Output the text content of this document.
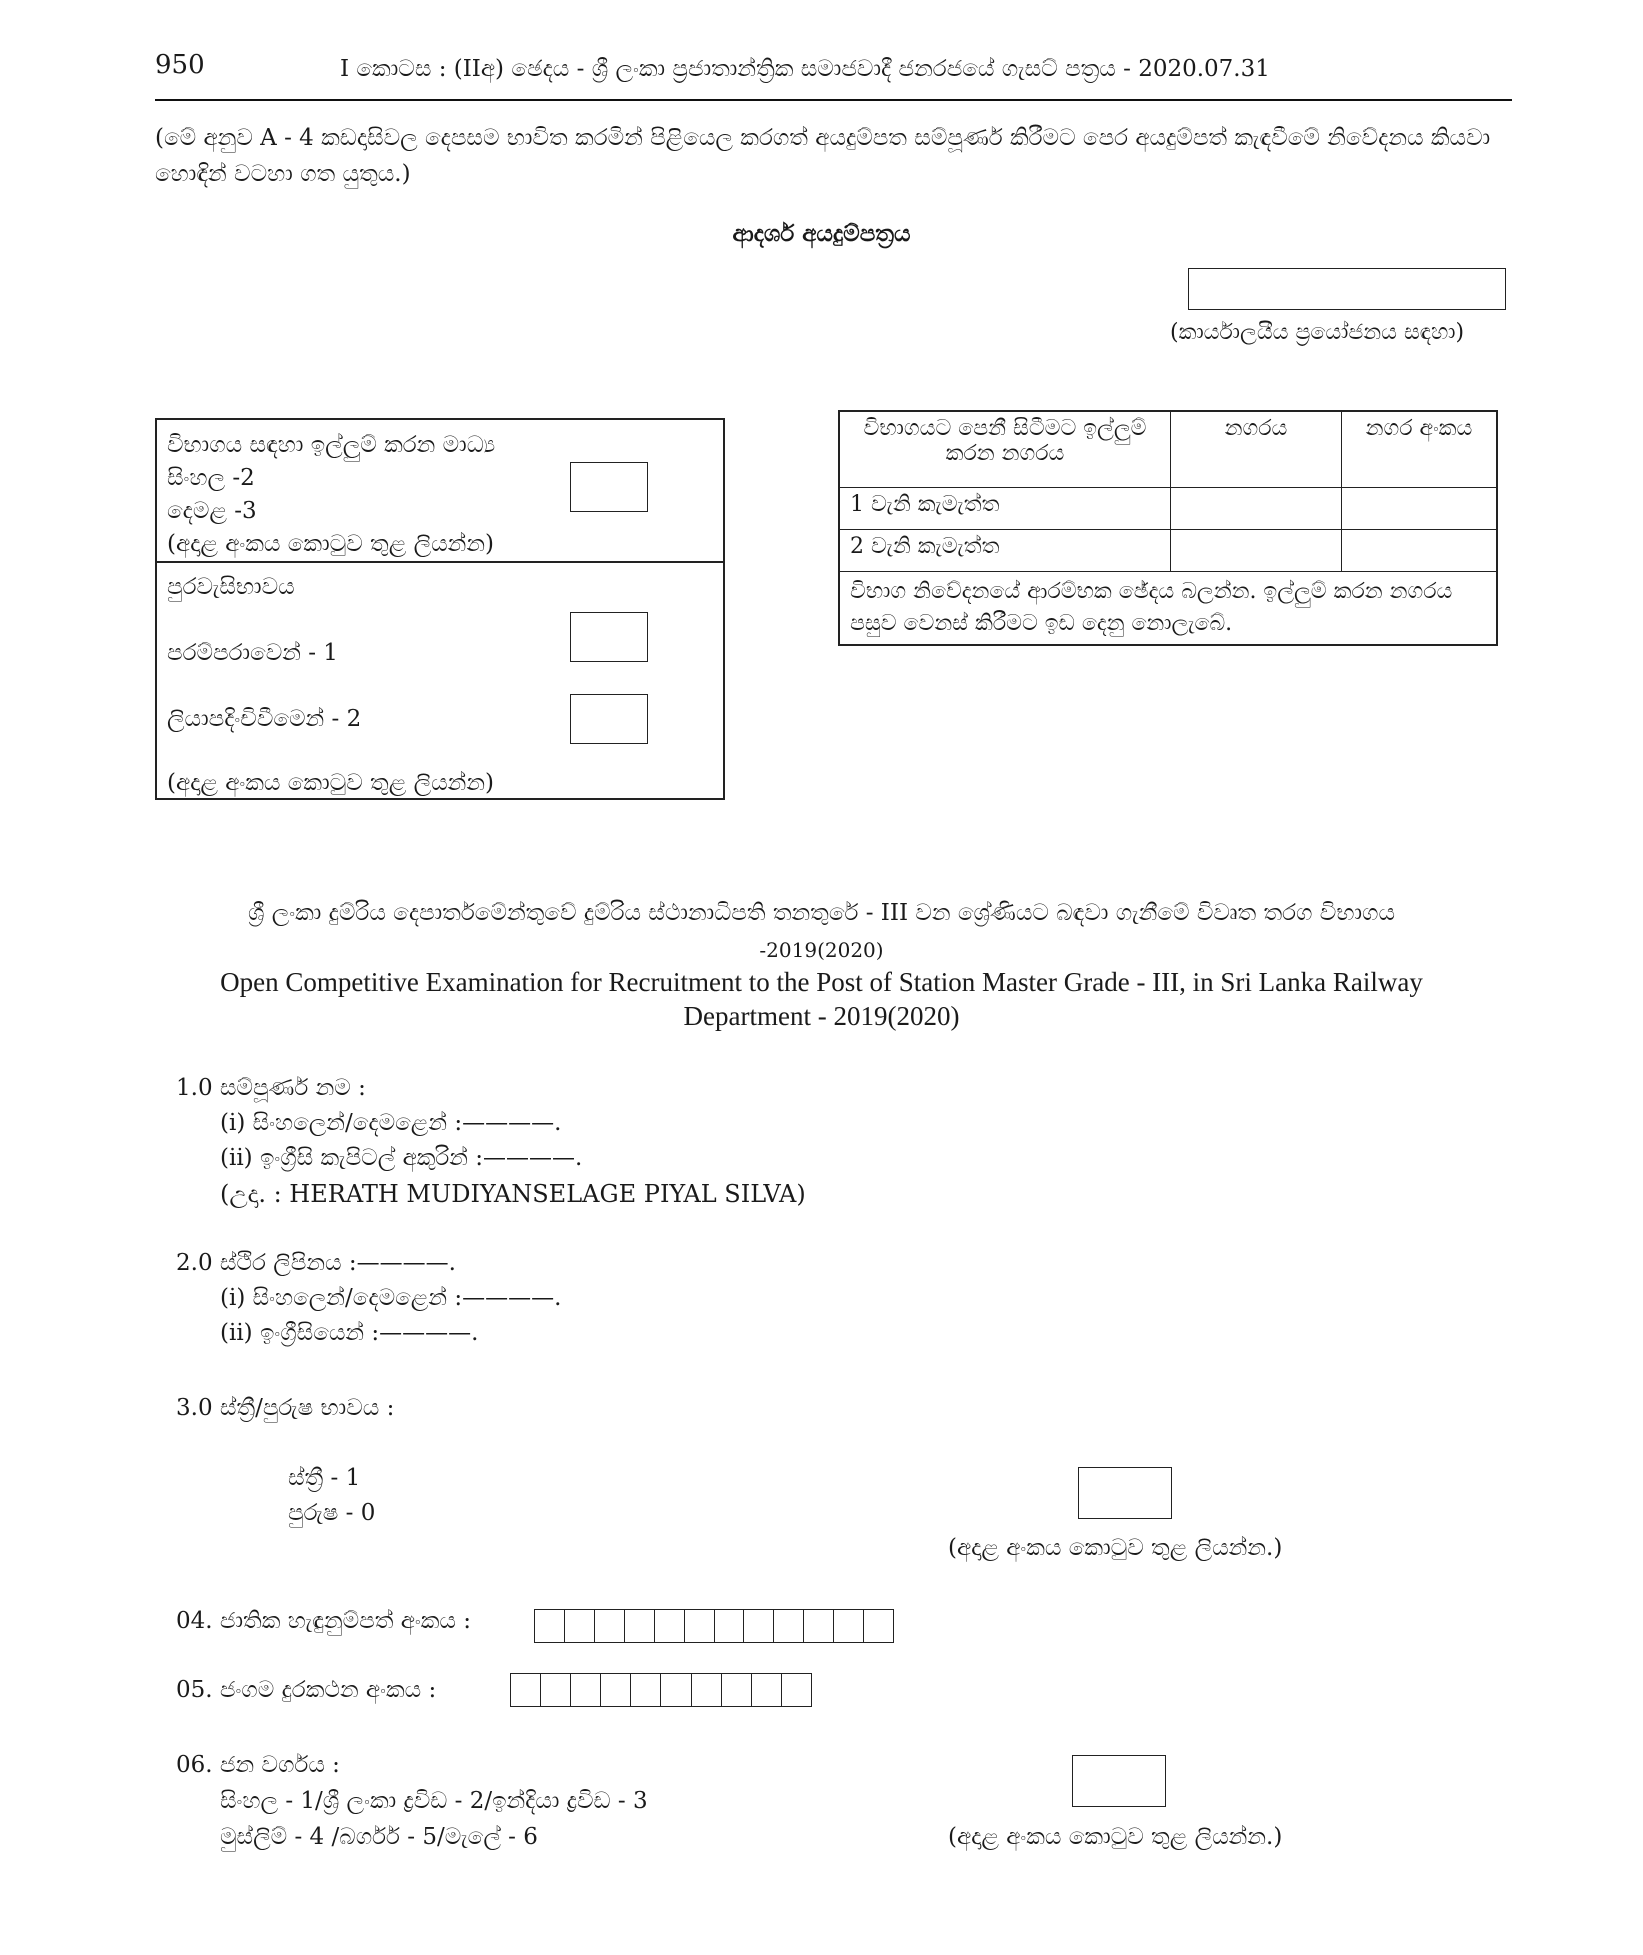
950	I කොටස : (IIඅ) ඡෙදය - ශ්‍රී ලංකා ප්‍රජාතාන්ත්‍රික සමාජවාදී ජනරජයේ ගැසට් පත්‍රය - 2020.07.31
(මේ අනුව A - 4 කඩදාසිවල දෙපසම භාවිත කරමින් පිළියෙල කරගත් අයදුම්පත සම්පූර්ණ කිරීමට පෙර අයදුම්පත් කැඳවීමේ නිවේදනය කියවා හොඳින් වටහා ගත යුතුය.)
ආදර්ශ අයදුම්පත්‍රය
(කාර්යාලයීය ප්‍රයෝජනය සඳහා)
විභාගය සඳහා ඉල්ලුම් කරන මාධ්‍ය
සිංහල -2
දෙමළ -3
(අදාළ අංකය කොටුව තුළ ලියන්න)
පුරවැසිභාවය
පරම්පරාවෙන් - 1
ලියාපදිංචිවීමෙන් - 2
(අදාළ අංකය කොටුව තුළ ලියන්න)
විභාගයට පෙනී සිටීමට ඉල්ලුම් කරන නගරය	නගරය	නගර අංකය
1 වැනි කැමැත්ත		
2 වැනි කැමැත්ත		
විභාග නිවේදනයේ ආරම්භක ඡේදය බලන්න. ඉල්ලුම් කරන නගරය පසුව වෙනස් කිරීමට ඉඩ දෙනු නොලැබේ.		
ශ්‍රී ලංකා දුම්රිය දෙපාර්තමේන්තුවේ දුම්රිය ස්ථානාධිපති තනතුරේ - III වන ශ්‍රේණියට බඳවා ගැනීමේ විවෘත තරග විභාගය
-2019(2020)
Open Competitive Examination for Recruitment to the Post of Station Master Grade - III, in Sri Lanka Railway Department - 2019(2020)
1.0 සම්පූර්ණ නම :
(i) සිංහලෙන්/දෙමළෙන් :————.
(ii) ඉංග්‍රීසි කැපිටල් අකුරින් :————.
(උදා. : HERATH MUDIYANSELAGE PIYAL SILVA)
2.0 ස්ථිර ලිපිනය :————.
(i) සිංහලෙන්/දෙමළෙන් :————.
(ii) ඉංග්‍රීසියෙන් :————.
3.0 ස්ත්‍රී/පුරුෂ භාවය :
ස්ත්‍රී - 1
පුරුෂ - 0
(අදාළ අංකය කොටුව තුළ ලියන්න.)
04. ජාතික හැඳුනුම්පත් අංකය :
05. ජංගම දුරකථන අංකය :
06. ජන වර්ගය :
සිංහල - 1/ශ්‍රී ලංකා ද්‍රවිඩ - 2/ඉන්දියා ද්‍රවිඩ - 3
මුස්ලිම් - 4 /බර්ගර් - 5/මැලේ - 6	(අදාළ අංකය කොටුව තුළ ලියන්න.)
